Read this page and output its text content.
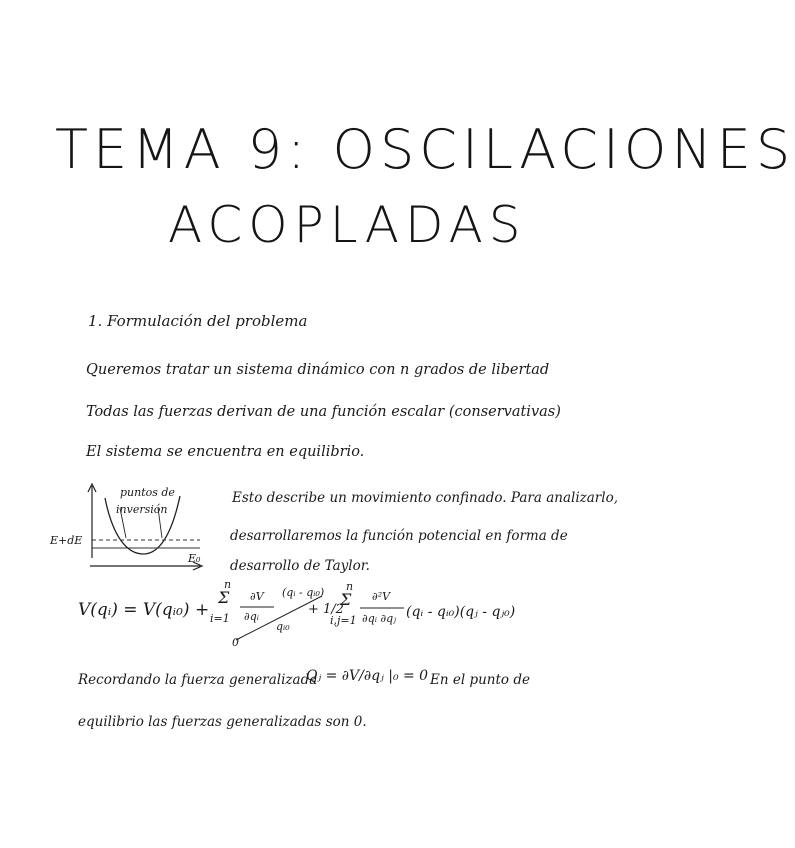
TEMA 9: OSCILACIONES
ACOPLADAS
1. Formulación del problema
Queremos tratar un sistema dinámico con n grados de libertad
Todas las fuerzas derivan de una función escalar (conservativas)
El sistema se encuentra en equilibrio.
puntos de
inversión
E+dE
E₀
Esto describe un movimiento confinado. Para analizarlo,
desarrollaremos la función potencial en forma de
desarrollo de Taylor.
V(qᵢ) = V(qᵢ₀) +
Σ
n
i=1
∂V
∂qᵢ
qᵢ₀
(qᵢ - qᵢ₀)
0
+ 1/2
Σ
n
i,j=1
∂²V
∂qᵢ ∂qⱼ (qᵢ - qᵢ₀)(qⱼ - qⱼ₀)
Recordando la fuerza generalizada
Qⱼ = ∂V/∂qⱼ |₀ = 0 En el punto de
equilibrio las fuerzas generalizadas son 0.
